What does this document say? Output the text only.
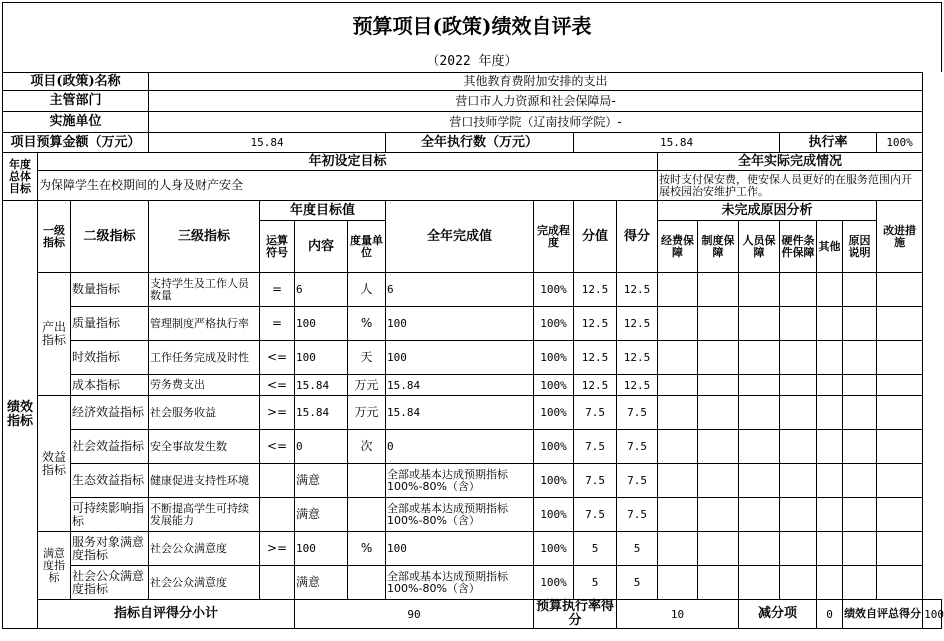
预算项目(政策)绩效自评表
（2022 年度）
项目(政策)名称			其他教育费附加安排的支出															
主管部门			营口市人力资源和社会保障局-															
实施单位			营口技师学院（辽南技师学院）-															
项目预算金额（万元）			15.84				全年执行数（万元）		15.84					执行率			100%	
年度总体目标	年初设定目标										全年实际完成情况							
	为保障学生在校期间的人身及财产安全										按时支付保安费，使安保人员更好的在服务范围内开展校园治安维护工作。							
绩效指标	一级指标	二级指标	三级指标	年度目标值			全年完成值	完成程度	分值	得分	未完成原因分析						改进措施	
				运算符号	内容	度量单位					经费保障	制度保障	人员保障	硬件条件保障	其他	原因说明		
	产出指标	数量指标	支持学生及工作人员数量	=	6	人	6	100%	12.5	12.5								
		质量指标	管理制度严格执行率	=	100	%	100	100%	12.5	12.5								
		时效指标	工作任务完成及时性	<=	100	天	100	100%	12.5	12.5								
		成本指标	劳务费支出	<=	15.84	万元	15.84	100%	12.5	12.5								
	效益指标	经济效益指标	社会服务收益	>=	15.84	万元	15.84	100%	7.5	7.5								
		社会效益指标	安全事故发生数	<=	0	次	0	100%	7.5	7.5								
		生态效益指标	健康促进支持性环境		满意		全部或基本达成预期指标 100%-80%（含）	100%	7.5	7.5								
		可持续影响指标	不断提高学生可持续发展能力		满意		全部或基本达成预期指标 100%-80%（含）	100%	7.5	7.5								
	满意度指标	服务对象满意度指标	社会公众满意度	>=	100	%	100	100%	5	5								
		社会公众满意度指标	社会公众满意度		满意		全部或基本达成预期指标 100%-80%（含）	100%	5	5								
	指标自评得分小计				90			预算执行率得分		10			减分项		0	绩效自评总得分		100
